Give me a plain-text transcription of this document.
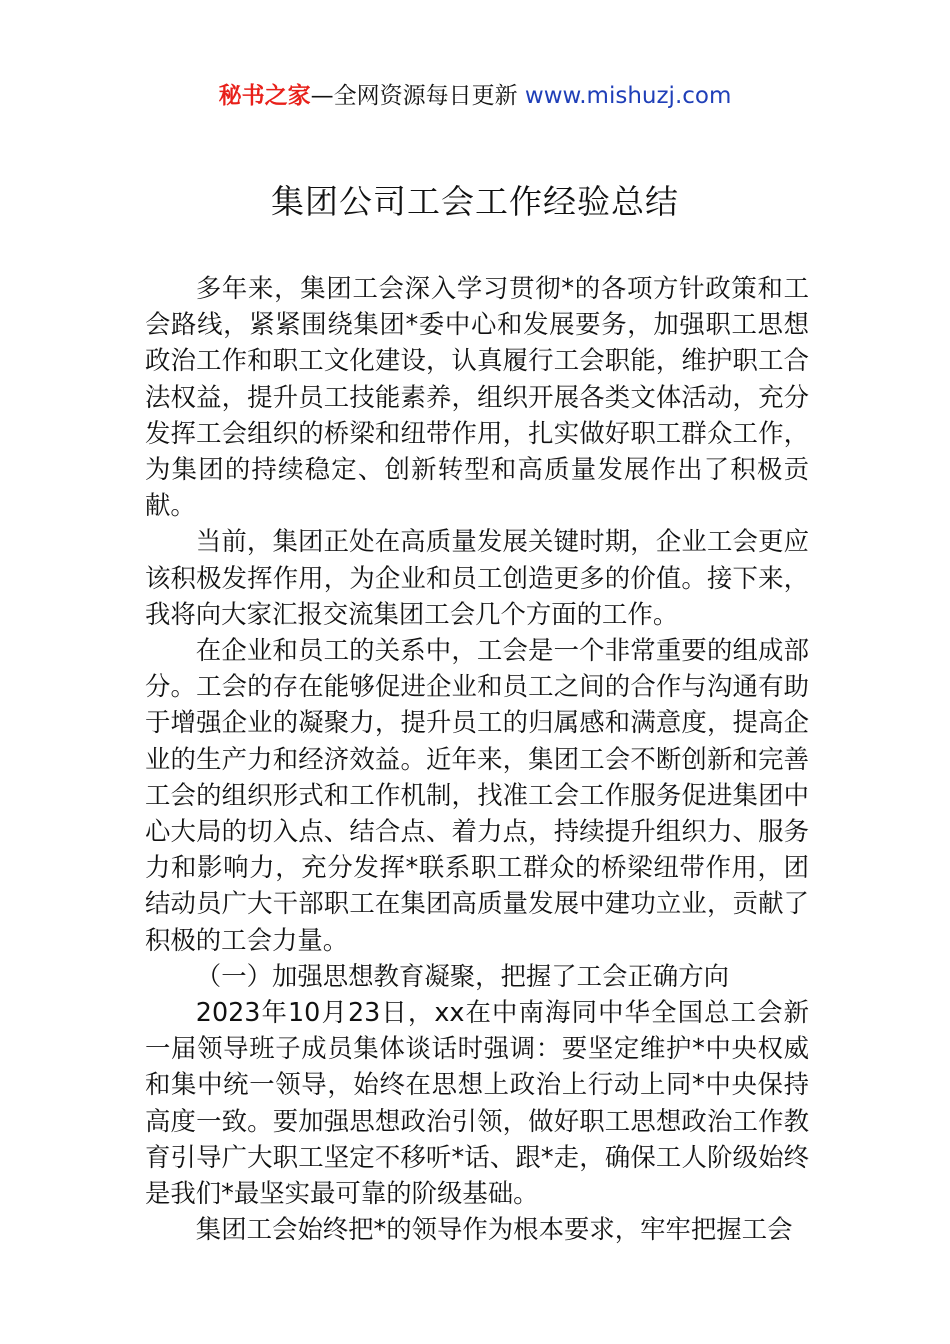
秘书之家—全网资源每日更新 www.mishuzj.com
集团公司工会工作经验总结

多年来，集团工会深入学习贯彻*的各项方针政策和工会路线，紧紧围绕集团*委中心和发展要务，加强职工思想政治工作和职工文化建设，认真履行工会职能，维护职工合法权益，提升员工技能素养，组织开展各类文体活动，充分发挥工会组织的桥梁和纽带作用，扎实做好职工群众工作，为集团的持续稳定、创新转型和高质量发展作出了积极贡献。

当前，集团正处在高质量发展关键时期，企业工会更应该积极发挥作用，为企业和员工创造更多的价值。接下来，我将向大家汇报交流集团工会几个方面的工作。

在企业和员工的关系中，工会是一个非常重要的组成部分。工会的存在能够促进企业和员工之间的合作与沟通有助于增强企业的凝聚力，提升员工的归属感和满意度，提高企业的生产力和经济效益。近年来，集团工会不断创新和完善工会的组织形式和工作机制，找准工会工作服务促进集团中心大局的切入点、结合点、着力点，持续提升组织力、服务力和影响力，充分发挥*联系职工群众的桥梁纽带作用，团结动员广大干部职工在集团高质量发展中建功立业，贡献了积极的工会力量。

（一）加强思想教育凝聚，把握了工会正确方向

2023年10月23日，xx在中南海同中华全国总工会新一届领导班子成员集体谈话时强调：要坚定维护*中央权威和集中统一领导，始终在思想上政治上行动上同*中央保持高度一致。要加强思想政治引领，做好职工思想政治工作教育引导广大职工坚定不移听*话、跟*走，确保工人阶级始终是我们*最坚实最可靠的阶级基础。

集团工会始终把*的领导作为根本要求，牢牢把握工会
